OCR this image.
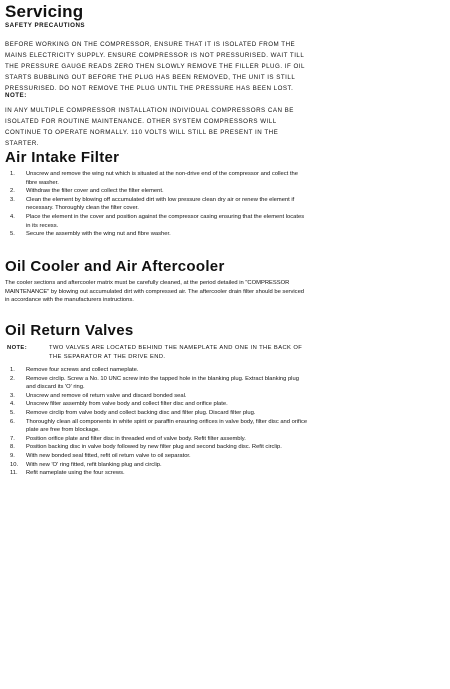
Servicing
SAFETY PRECAUTIONS
BEFORE WORKING ON THE COMPRESSOR, ENSURE THAT IT IS ISOLATED FROM THE MAINS ELECTRICITY SUPPLY. ENSURE COMPRESSOR IS NOT PRESSURISED. WAIT TILL THE PRESSURE GAUGE READS ZERO THEN SLOWLY REMOVE THE FILLER PLUG. IF OIL STARTS BUBBLING OUT BEFORE THE PLUG HAS BEEN REMOVED, THE UNIT IS STILL PRESSURISED. DO NOT REMOVE THE PLUG UNTIL THE PRESSURE HAS BEEN LOST.
NOTE:
IN ANY MULTIPLE COMPRESSOR INSTALLATION INDIVIDUAL COMPRESSORS CAN BE ISOLATED FOR ROUTINE MAINTENANCE. OTHER SYSTEM COMPRESSORS WILL CONTINUE TO OPERATE NORMALLY. 110 VOLTS WILL STILL BE PRESENT IN THE STARTER.
Air Intake Filter
1.	Unscrew and remove the wing nut which is situated at the non-drive end of the compressor and collect the fibre washer.
2.	Withdraw the filter cover and collect the filter element.
3.	Clean the element by blowing off accumulated dirt with low pressure clean dry air or renew the element if necessary. Thoroughly clean the filter cover.
4.	Place the element in the cover and position against the compressor casing ensuring that the element locates in its recess.
5.	Secure the assembly with the wing nut and fibre washer.
Oil Cooler and Air Aftercooler
The cooler sections and aftercooler matrix must be carefully cleaned, at the period detailed in "COMPRESSOR MAINTENANCE" by blowing out accumulated dirt with compressed air. The aftercooler drain filter should be serviced in accordance with the manufacturers instructions.
Oil Return Valves
NOTE:	TWO VALVES ARE LOCATED BEHIND THE NAMEPLATE AND ONE IN THE BACK OF THE SEPARATOR AT THE DRIVE END.
1.	Remove four screws and collect nameplate.
2.	Remove circlip. Screw a No. 10 UNC screw into the tapped hole in the blanking plug. Extract blanking plug and discard its 'O' ring.
3.	Unscrew and remove oil return valve and discard bonded seal.
4.	Unscrew filter assembly from valve body and collect filter disc and orifice plate.
5.	Remove circlip from valve body and collect backing disc and filter plug. Discard filter plug.
6.	Thoroughly clean all components in white spirit or paraffin ensuring orifices in valve body, filter disc and orifice plate are free from blockage.
7.	Position orifice plate and filter disc in threaded end of valve body. Refit filter assembly.
8.	Position backing disc in valve body followed by new filter plug and second backing disc. Refit circlip.
9.	With new bonded seal fitted, refit oil return valve to oil separator.
10.	With new 'O' ring fitted, refit blanking plug and circlip.
11.	Refit nameplate using the four screws.
